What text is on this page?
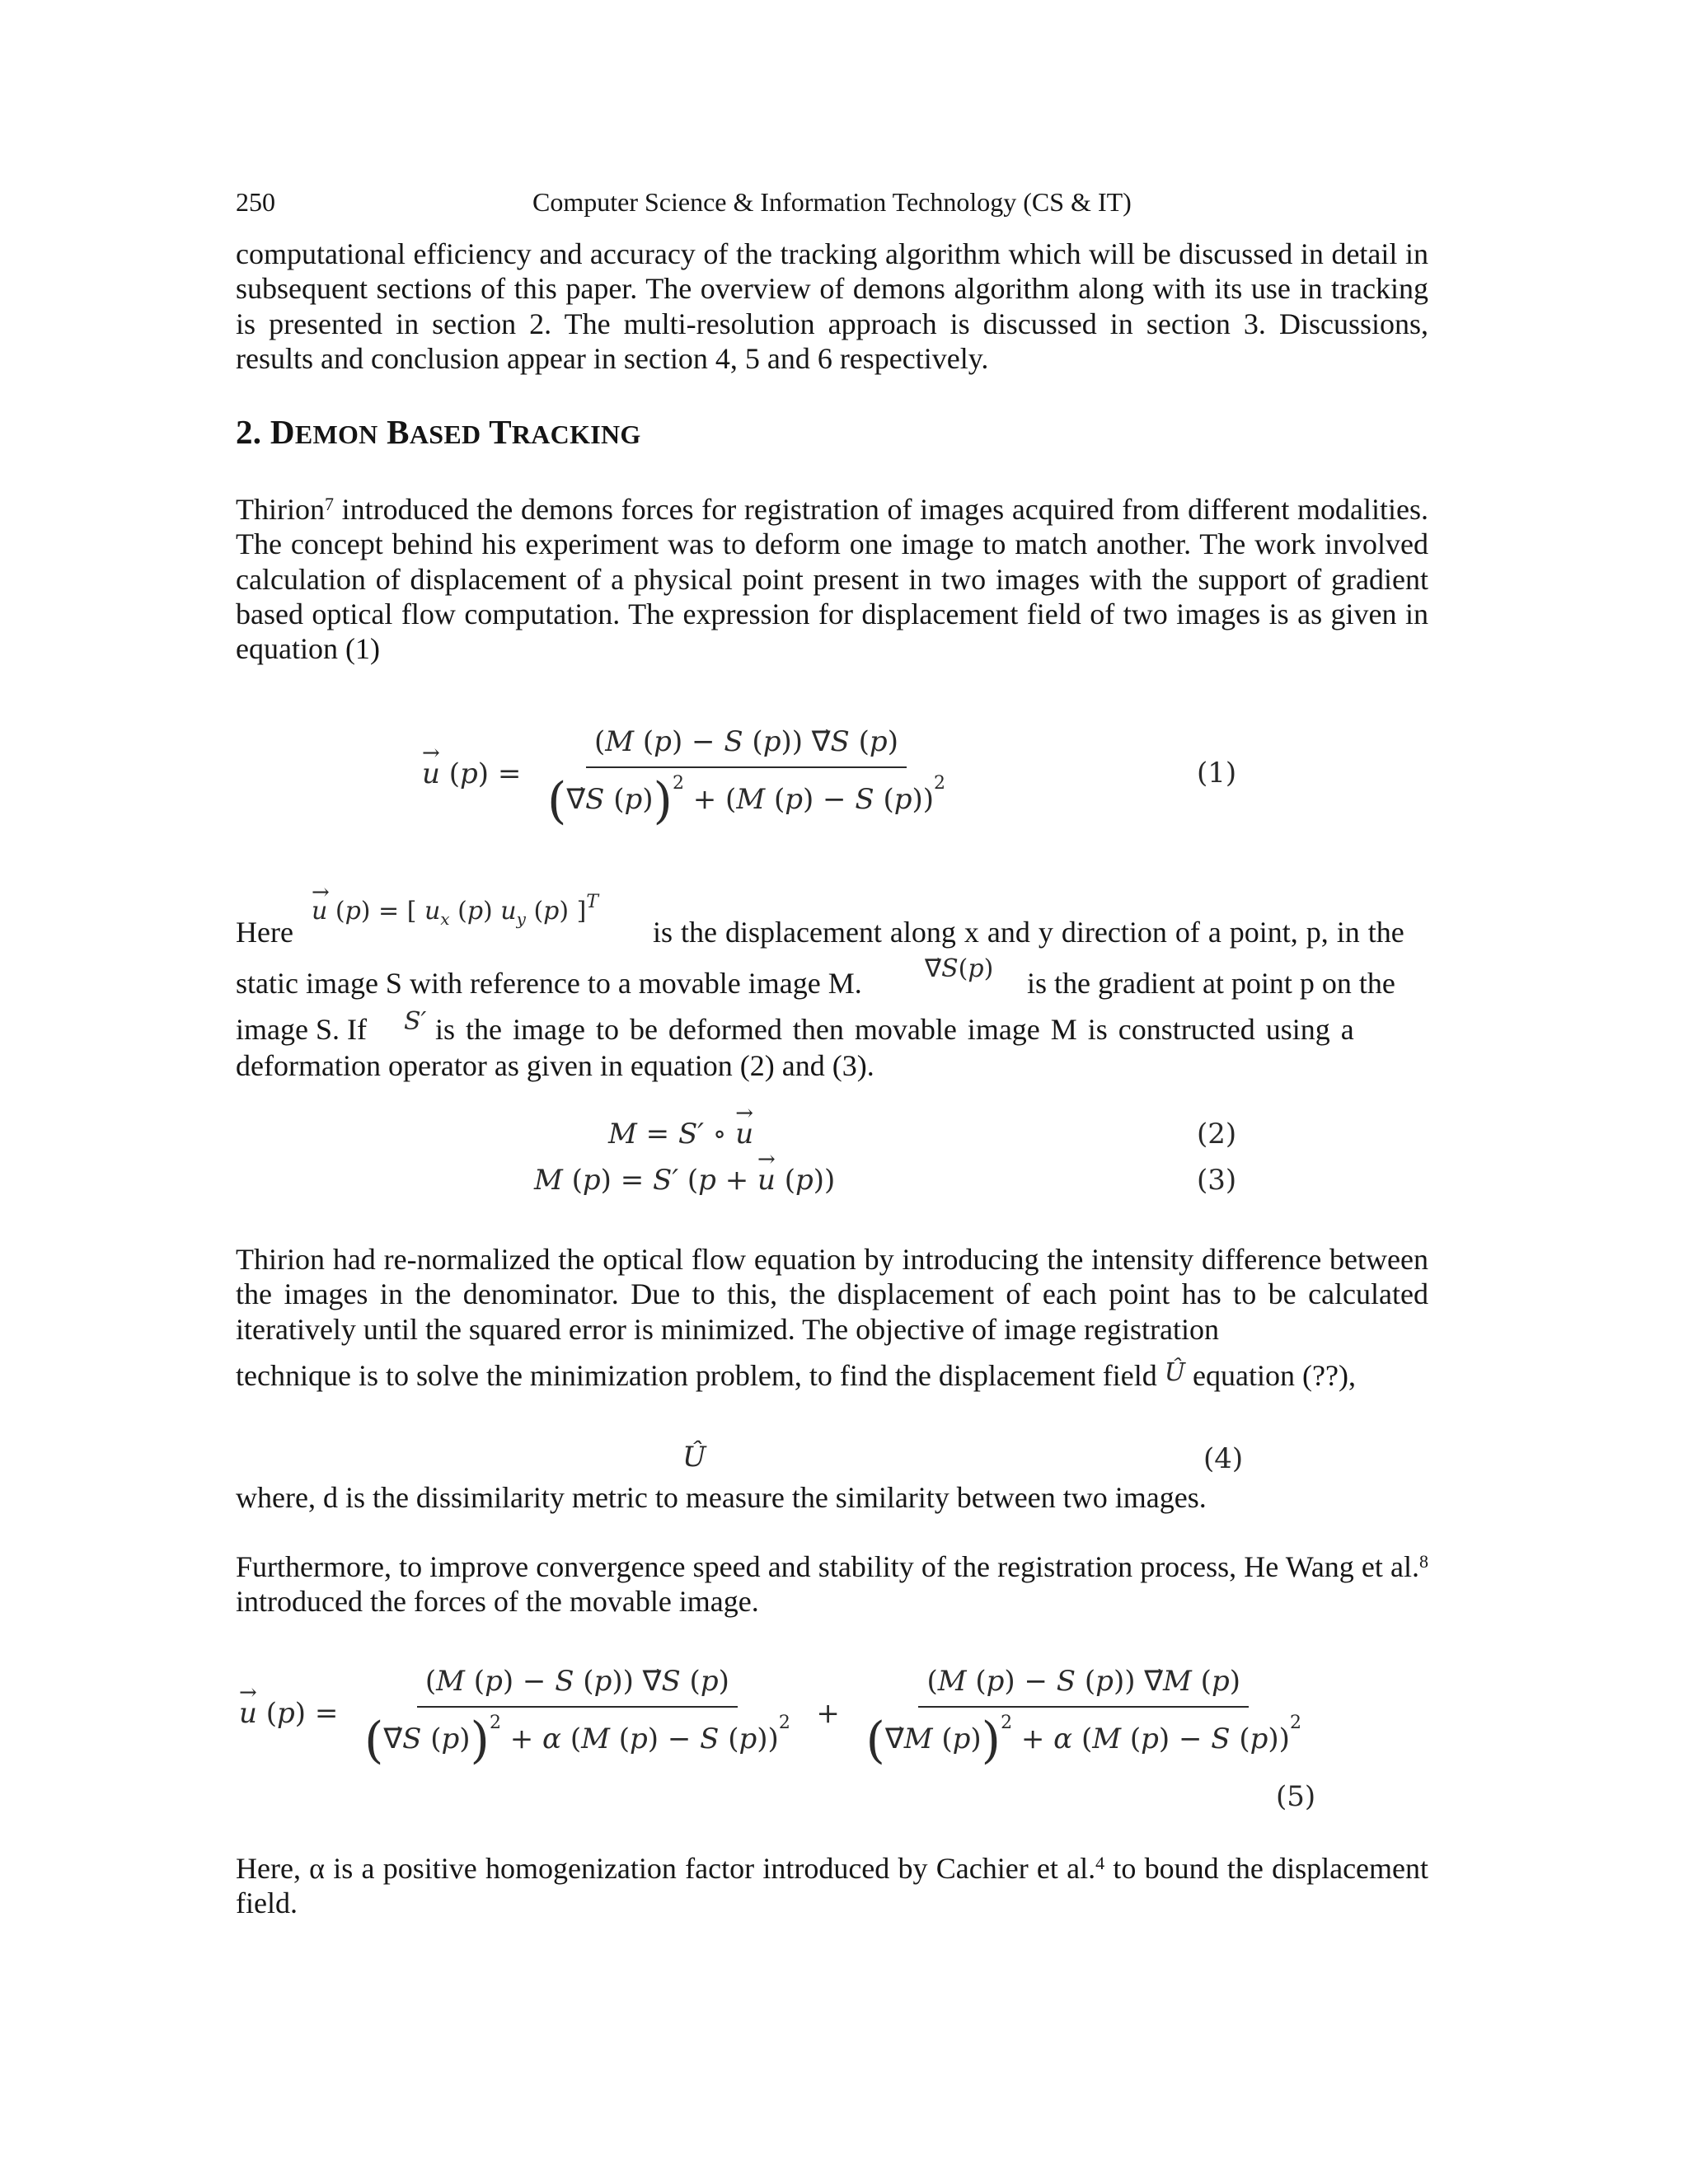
250	Computer Science & Information Technology (CS & IT)

computational efficiency and accuracy of the tracking algorithm which will be discussed in detail in subsequent sections of this paper. The overview of demons algorithm along with its use in tracking is presented in section 2. The multi-resolution approach is discussed in section 3. Discussions, results and conclusion appear in section 4, 5 and 6 respectively.

2. DEMON BASED TRACKING

Thirion$^7$ introduced the demons forces for registration of images acquired from different modalities. The concept behind his experiment was to deform one image to match another. The work involved calculation of displacement of a physical point present in two images with the support of gradient based optical flow computation. The expression for displacement field of two images is as given in equation (1)

→ u $(p) = \frac{(M (p) - S (p)) \nabla⃗S (p)}{(\nabla⃗S (p))^2 + (M (p) - S (p))^2}$	(1)
Here
→ u (p) = [ $u_x$ (p) $u_y$ (p) ]$^T$
is the displacement along x and y direction of a point, p, in the
static image S with reference to a movable image M.	∇⃗S(p) is the gradient at point p on the
image S. If S′ is the image to be deformed then movable image M is constructed using a
deformation operator as given in equation (2) and (3).
M = S′ ∘ → u	(2)
M (p) = S′ (p + → u (p))	(3)

Thirion had re-normalized the optical flow equation by introducing the intensity difference between the images in the denominator. Due to this, the displacement of each point has to be calculated iteratively until the squared error is minimized. The objective of image registration

technique is to solve the minimization problem, to find the displacement field Û equation (??),
Û	(4)

where, d is the dissimilarity metric to measure the similarity between two images.

Furthermore, to improve convergence speed and stability of the registration process, He Wang et al.$^8$ introduced the forces of the movable image.

→ u $(p) = \frac{(M (p) - S (p)) \nabla⃗S (p)}{(\nabla⃗S (p))^2 + \alpha (M (p) - S (p))^2} + \frac{(M (p) - S (p)) \nabla⃗M (p)}{(\nabla⃗M (p))^2 + \alpha (M (p) - S (p))^2}$
(5)

Here, α is a positive homogenization factor introduced by Cachier et al.$^4$ to bound the displacement field.
